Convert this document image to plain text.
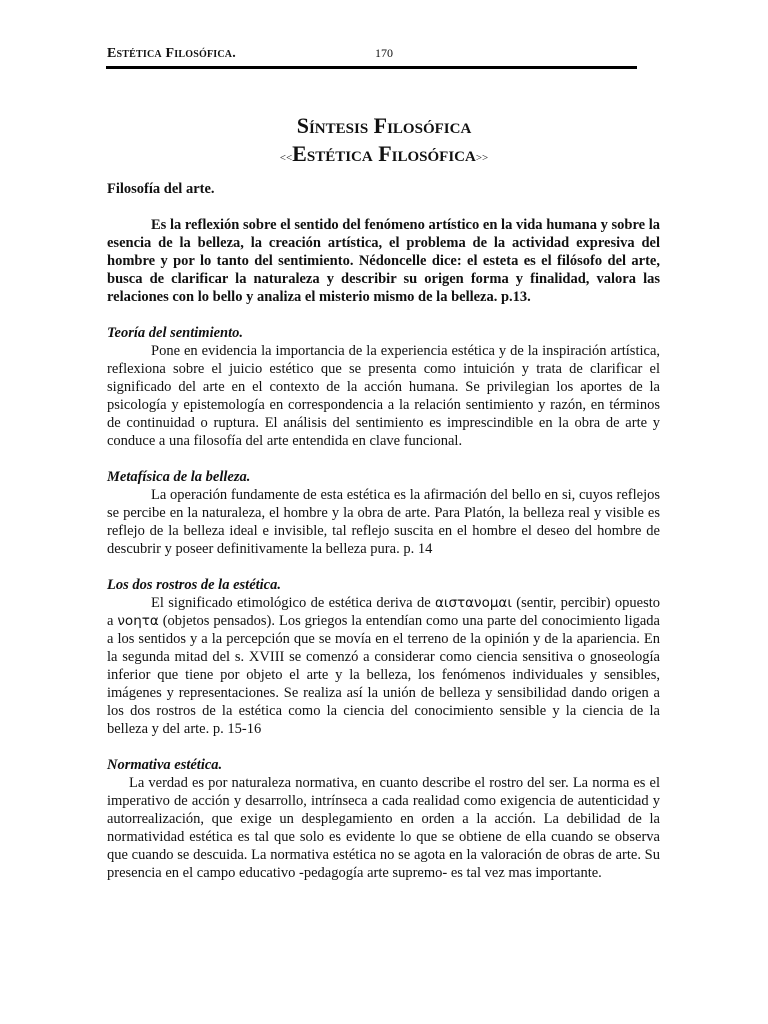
Estética Filosófica.	170
Síntesis Filosófica
<<Estética Filosófica>>

Filosofía del arte.

Es la reflexión sobre el sentido del fenómeno artístico en la vida humana y sobre la esencia de la belleza, la creación artística, el problema de la actividad expresiva del hombre y por lo tanto del sentimiento. Nédoncelle dice: el esteta es el filósofo del arte, busca de clarificar la naturaleza y describir su origen forma y finalidad, valora las relaciones con lo bello y analiza el misterio mismo de la belleza. p.13.

Teoría del sentimiento.

Pone en evidencia la importancia de la experiencia estética y de la inspiración artística, reflexiona sobre el juicio estético que se presenta como intuición y trata de clarificar el significado del arte en el contexto de la acción humana. Se privilegian los aportes de la psicología y epistemología en correspondencia a la relación sentimiento y razón, en términos de continuidad o ruptura. El análisis del sentimiento es imprescindible en la obra de arte y conduce a una filosofía del arte entendida en clave funcional.

Metafísica de la belleza.

La operación fundamente de esta estética es la afirmación del bello en si, cuyos reflejos se percibe en la naturaleza, el hombre y la obra de arte. Para Platón, la belleza real y visible es reflejo de la belleza ideal e invisible, tal reflejo suscita en el hombre el deseo del hombre de descubrir y poseer definitivamente la belleza pura. p. 14

Los dos rostros de la estética.

El significado etimológico de estética deriva de αιστανομαι (sentir, percibir) opuesto a νοητα (objetos pensados). Los griegos la entendían como una parte del conocimiento ligada a los sentidos y a la percepción que se movía en el terreno de la opinión y de la apariencia. En la segunda mitad del s. XVIII se comenzó a considerar como ciencia sensitiva o gnoseología inferior que tiene por objeto el arte y la belleza, los fenómenos individuales y sensibles, imágenes y representaciones. Se realiza así la unión de belleza y sensibilidad dando origen a los dos rostros de la estética como la ciencia del conocimiento sensible y la ciencia de la belleza y del arte. p. 15-16

Normativa estética.

La verdad es por naturaleza normativa, en cuanto describe el rostro del ser. La norma es el imperativo de acción y desarrollo, intrínseca a cada realidad como exigencia de autenticidad y autorrealización, que exige un desplegamiento en orden a la acción. La debilidad de la normatividad estética es tal que solo es evidente lo que se obtiene de ella cuando se observa que cuando se descuida. La normativa estética no se agota en la valoración de obras de arte. Su presencia en el campo educativo -pedagogía arte supremo- es tal vez mas importante.
